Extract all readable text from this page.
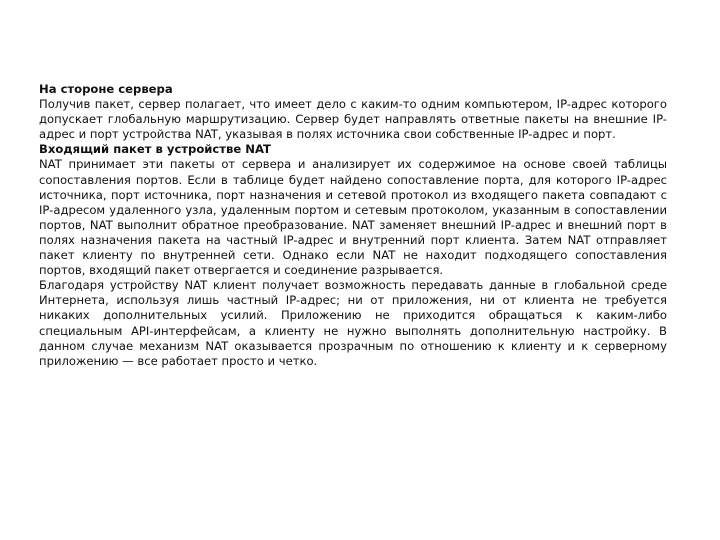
На стороне сервера

Получив пакет, сервер полагает, что имеет дело с каким-то одним компьютером, IP-адрес которого допускает глобальную маршрутизацию. Сервер будет направлять ответные пакеты на внешние IP-адрес и порт устройства NAT, указывая в полях источника свои собственные IP-адрес и порт.

Входящий пакет в устройстве NAT

NAT принимает эти пакеты от сервера и анализирует их содержимое на основе своей таблицы сопоставления портов. Если в таблице будет найдено сопоставление порта, для которого IP-адрес источника, порт источника, порт назначения и сетевой протокол из входящего пакета совпадают с IP-адресом удаленного узла, удаленным портом и сетевым протоколом, указанным в сопоставлении портов, NAT выполнит обратное преобразование. NAT заменяет внешний IP-адрес и внешний порт в полях назначения пакета на частный IP-адрес и внутренний порт клиента. Затем NAT отправляет пакет клиенту по внутренней сети. Однако если NAT не находит подходящего сопоставления портов, входящий пакет отвергается и соединение разрывается.

Благодаря устройству NAT клиент получает возможность передавать данные в глобальной среде Интернета, используя лишь частный IP-адрес; ни от приложения, ни от клиента не требуется никаких дополнительных усилий. Приложению не приходится обращаться к каким-либо специальным API-интерфейсам, а клиенту не нужно выполнять дополнительную настройку. В данном случае механизм NAT оказывается прозрачным по отношению к клиенту и к серверному приложению — все работает просто и четко.
